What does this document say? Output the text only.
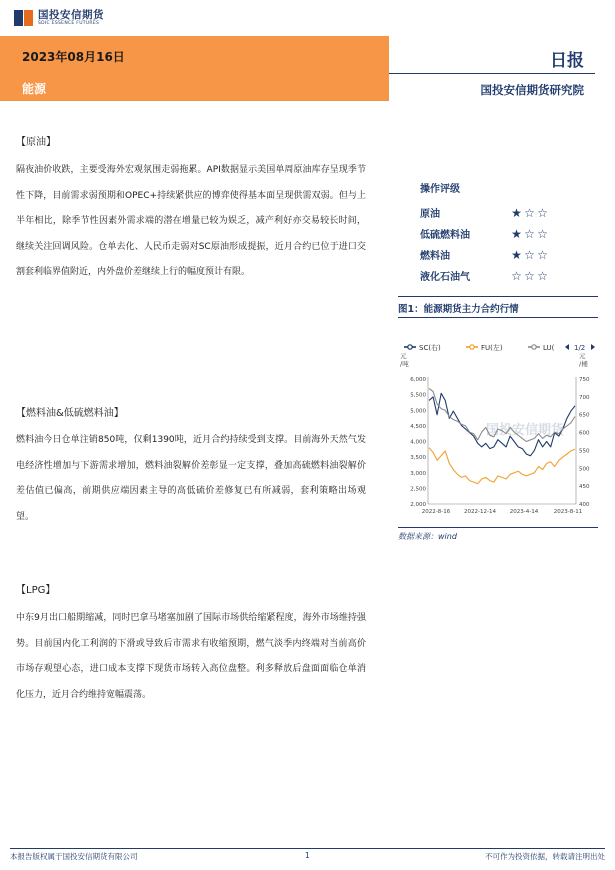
国投安信期货
SDIC ESSENCE FUTURES
2023年08月16日
能源
日报
国投安信期货研究院
【原油】
隔夜油价收跌，主要受海外宏观氛围走弱拖累。API数据显示美国单周原油库存呈现季节性下降，目前需求弱预期和OPEC+持续紧供应的博弈使得基本面呈现供需双弱。但与上半年相比，除季节性因素外需求端的潜在增量已较为娱乏，减产利好亦交易较长时间，继续关注回调风险。仓单去化、人民币走弱对SC原油形成提振，近月合约已位于进口交割套利临界值附近，内外盘价差继续上行的幅度预计有限。
【燃料油&低硫燃料油】
燃料油今日仓单注销850吨，仅剩1390吨，近月合约持续受到支撑。目前海外天然气发电经济性增加与下游需求增加，燃料油裂解价差彰显一定支撑，叠加高硫燃料油裂解价差估值已偏高，前期供应端因素主导的高低硫价差修复已有所减弱，套利策略出场观望。
【LPG】
中东9月出口船期缩减，同时巴拿马堵塞加剧了国际市场供给缩紧程度，海外市场维持强势。目前国内化工利润的下滑或导致后市需求有收缩预期，燃气淡季内终端对当前高价市场存观望心态，进口成本支撑下现货市场转入高位盘整。利多释放后盘面面临仓单消化压力，近月合约维持宽幅震荡。
操作评级
原油	★ ☆ ☆
低硫燃料油	★ ☆ ☆
燃料油	★ ☆ ☆
液化石油气	☆ ☆ ☆
图1：能源期货主力合约行情
国投安信期货
SC(右)	FU(左)	LU(	1/2
元
/吨
元
/桶
6,000
5,500
5,000
4,500
4,000
3,500
3,000
2,500
2,000
750
700
650
600
550
500
450
400
2022-8-16	2022-12-14	2023-4-14	2023-8-11
数据来源：wind
本报告版权属于国投安信期货有限公司	1	不可作为投资依据，转载请注明出处
